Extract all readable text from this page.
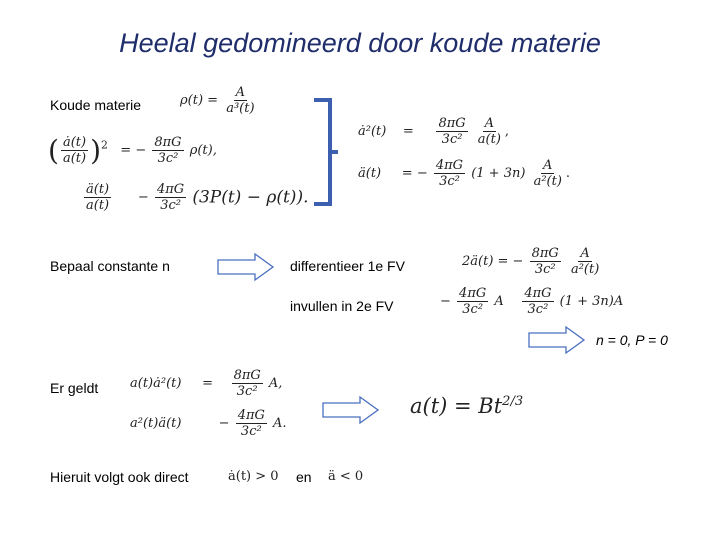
Heelal gedomineerd door koude materie
Koude materie	$\rho(t) = \frac{A}{\text{a³(t)}}$
( $\frac{ȧ(t)}{a(t)} )^2$ = − $\frac{8\pi G}{\text{3c²}} \rho(t)$,
$\frac{ä(t)}{a(t)} - \frac{4\pi G}{\text{3c²}} (3P(t) - \rho(t))$.
ȧ²(t) = $\frac{8\pi G}{\text{3c²}}$
$\frac{A}{a(t)}$ ,
ä(t) = − $\frac{4\pi G}{\text{3c²}} (1 + 3n) \frac{A}{\text{a²(t)}}$ .
Bepaal constante n	differentieer 1e FV	2ä(t) = − $\frac{8\pi G}{\text{3c²}}$
$\frac{A}{\text{a²(t)}}$
invullen in 2e FV	− $\frac{4\pi G}{\text{3c²}}$ A $\frac{4\pi G}{\text{3c²}} (1 + 3n)A$
n = 0, P = 0
Er geldt a(t)ȧ²(t) = $\frac{8\pi G}{\text{3c²}} A$,
a²(t)ä(t)	− $\frac{4\pi G}{\text{3c²}} A$.
$a(t) = Bt^{2/3}$
Hieruit volgt ook direct	ȧ(t) > 0 en ä < 0
